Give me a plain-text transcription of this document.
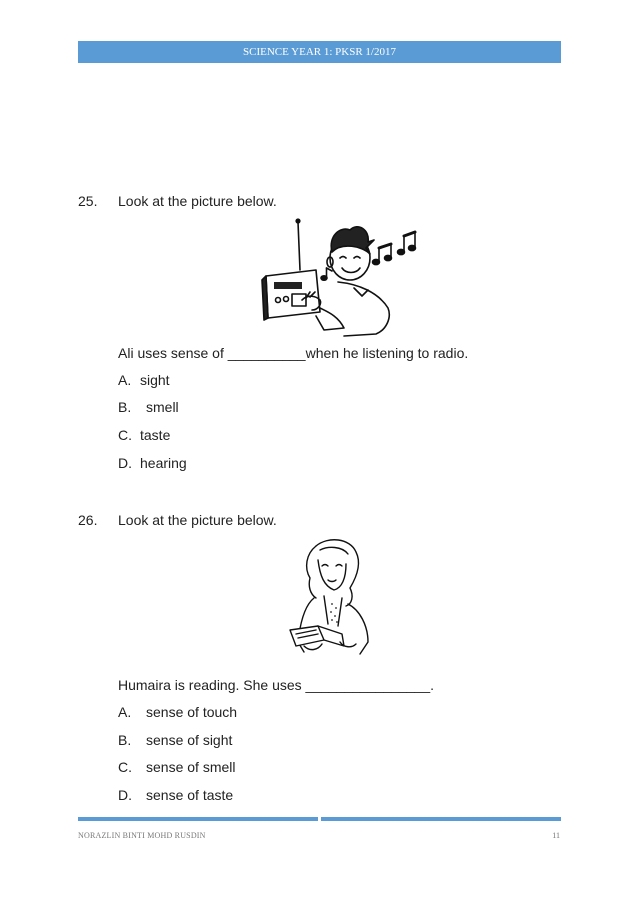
SCIENCE YEAR 1: PKSR 1/2017
25. Look at the picture below.
Ali uses sense of __________when he listening to radio.
A. sight
B. smell
C. taste
D. hearing
26. Look at the picture below.
Humaira is reading. She uses ________________.
A. sense of touch
B. sense of sight
C. sense of smell
D. sense of taste
NORAZLIN BINTI MOHD RUSDIN	11
